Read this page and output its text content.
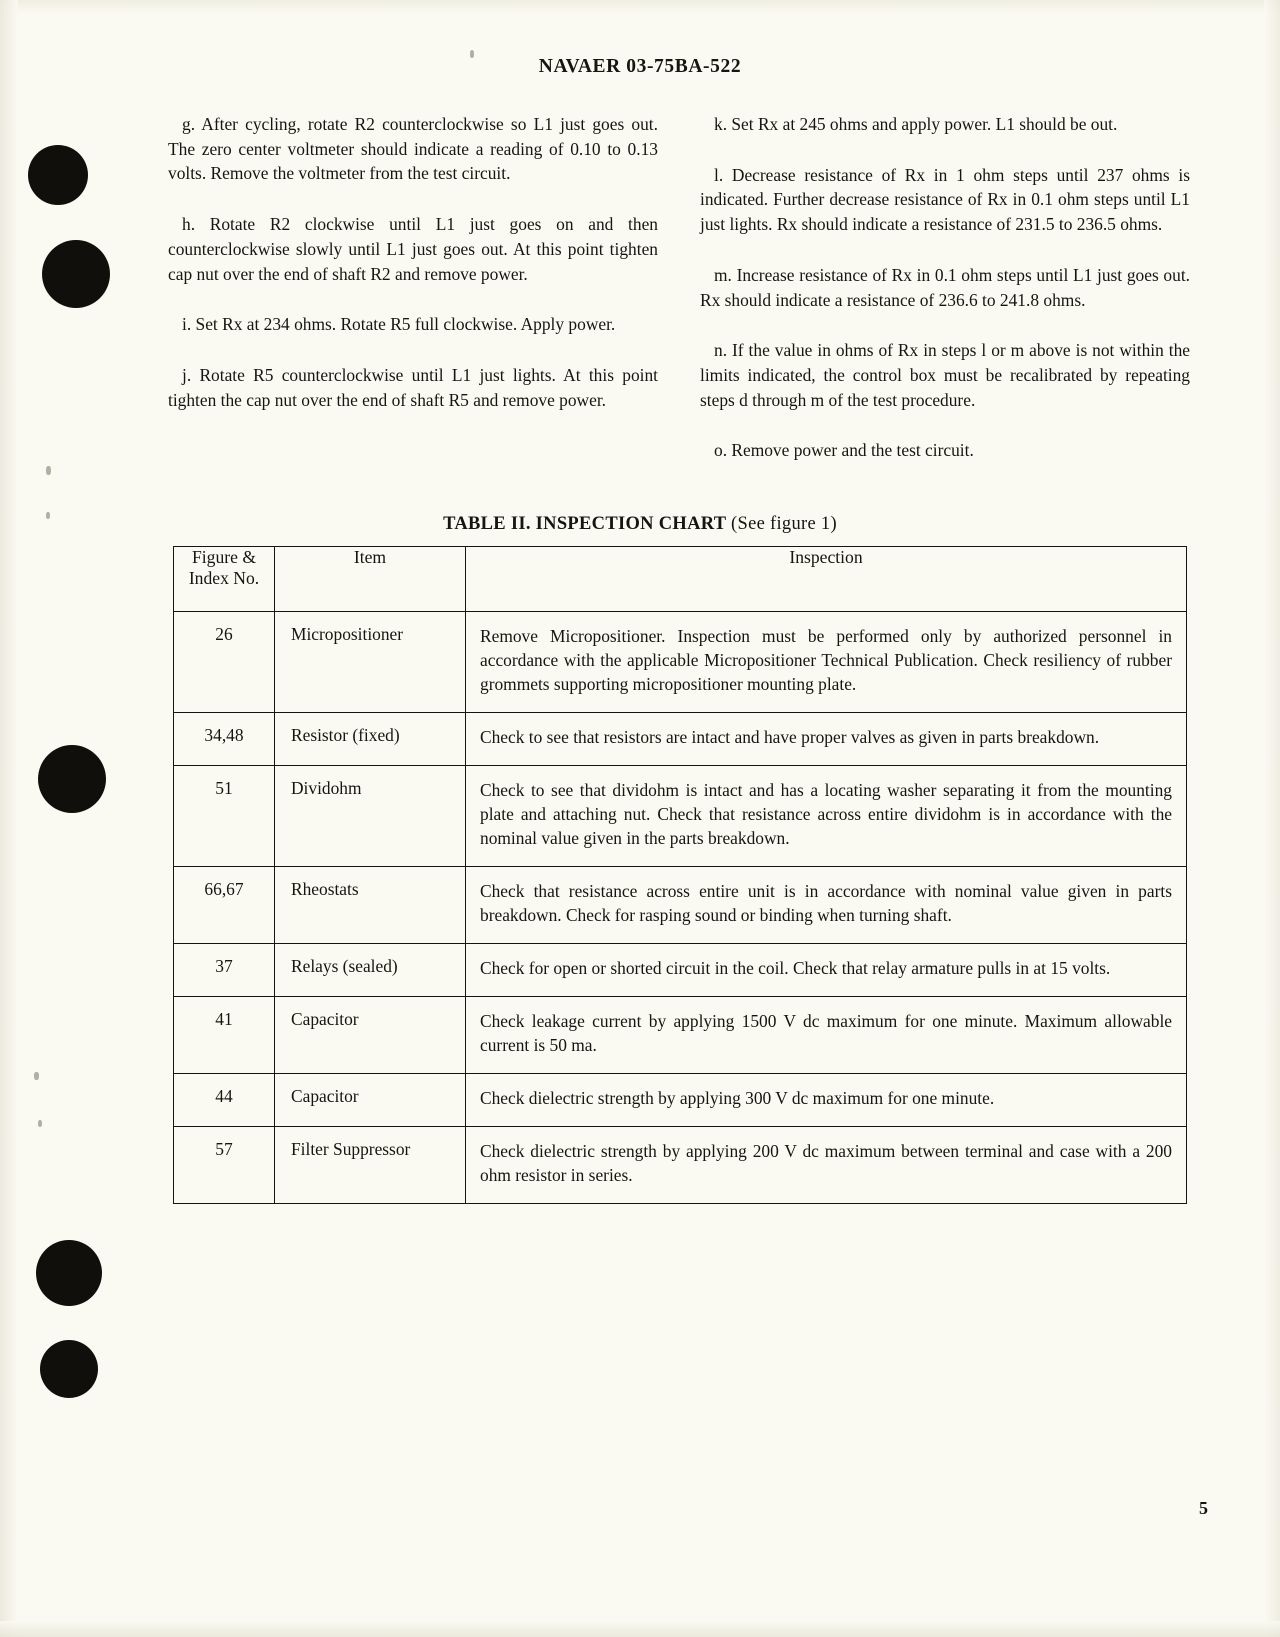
NAVAER 03-75BA-522

g. After cycling, rotate R2 counterclockwise so L1 just goes out. The zero center voltmeter should indicate a reading of 0.10 to 0.13 volts. Remove the voltmeter from the test circuit.

h. Rotate R2 clockwise until L1 just goes on and then counterclockwise slowly until L1 just goes out. At this point tighten cap nut over the end of shaft R2 and remove power.

i. Set Rx at 234 ohms. Rotate R5 full clockwise. Apply power.

j. Rotate R5 counterclockwise until L1 just lights. At this point tighten the cap nut over the end of shaft R5 and remove power.

k. Set Rx at 245 ohms and apply power. L1 should be out.

l. Decrease resistance of Rx in 1 ohm steps until 237 ohms is indicated. Further decrease resistance of Rx in 0.1 ohm steps until L1 just lights. Rx should indicate a resistance of 231.5 to 236.5 ohms.

m. Increase resistance of Rx in 0.1 ohm steps until L1 just goes out. Rx should indicate a resistance of 236.6 to 241.8 ohms.

n. If the value in ohms of Rx in steps l or m above is not within the limits indicated, the control box must be recalibrated by repeating steps d through m of the test procedure.

o. Remove power and the test circuit.

TABLE II. INSPECTION CHART (See figure 1)
Figure &
Index No.	Item	Inspection
26	Micropositioner	Remove Micropositioner. Inspection must be performed only by authorized personnel in accordance with the applicable Micropositioner Technical Publication. Check resiliency of rubber grommets supporting micropositioner mounting plate.
34,48	Resistor (fixed)	Check to see that resistors are intact and have proper valves as given in parts breakdown.
51	Dividohm	Check to see that dividohm is intact and has a locating washer separating it from the mounting plate and attaching nut. Check that resistance across entire dividohm is in accordance with the nominal value given in the parts breakdown.
66,67	Rheostats	Check that resistance across entire unit is in accordance with nominal value given in parts breakdown. Check for rasping sound or binding when turning shaft.
37	Relays (sealed)	Check for open or shorted circuit in the coil. Check that relay armature pulls in at 15 volts.
41	Capacitor	Check leakage current by applying 1500 V dc maximum for one minute. Maximum allowable current is 50 ma.
44	Capacitor	Check dielectric strength by applying 300 V dc maximum for one minute.
57	Filter Suppressor	Check dielectric strength by applying 200 V dc maximum between terminal and case with a 200 ohm resistor in series.
5
